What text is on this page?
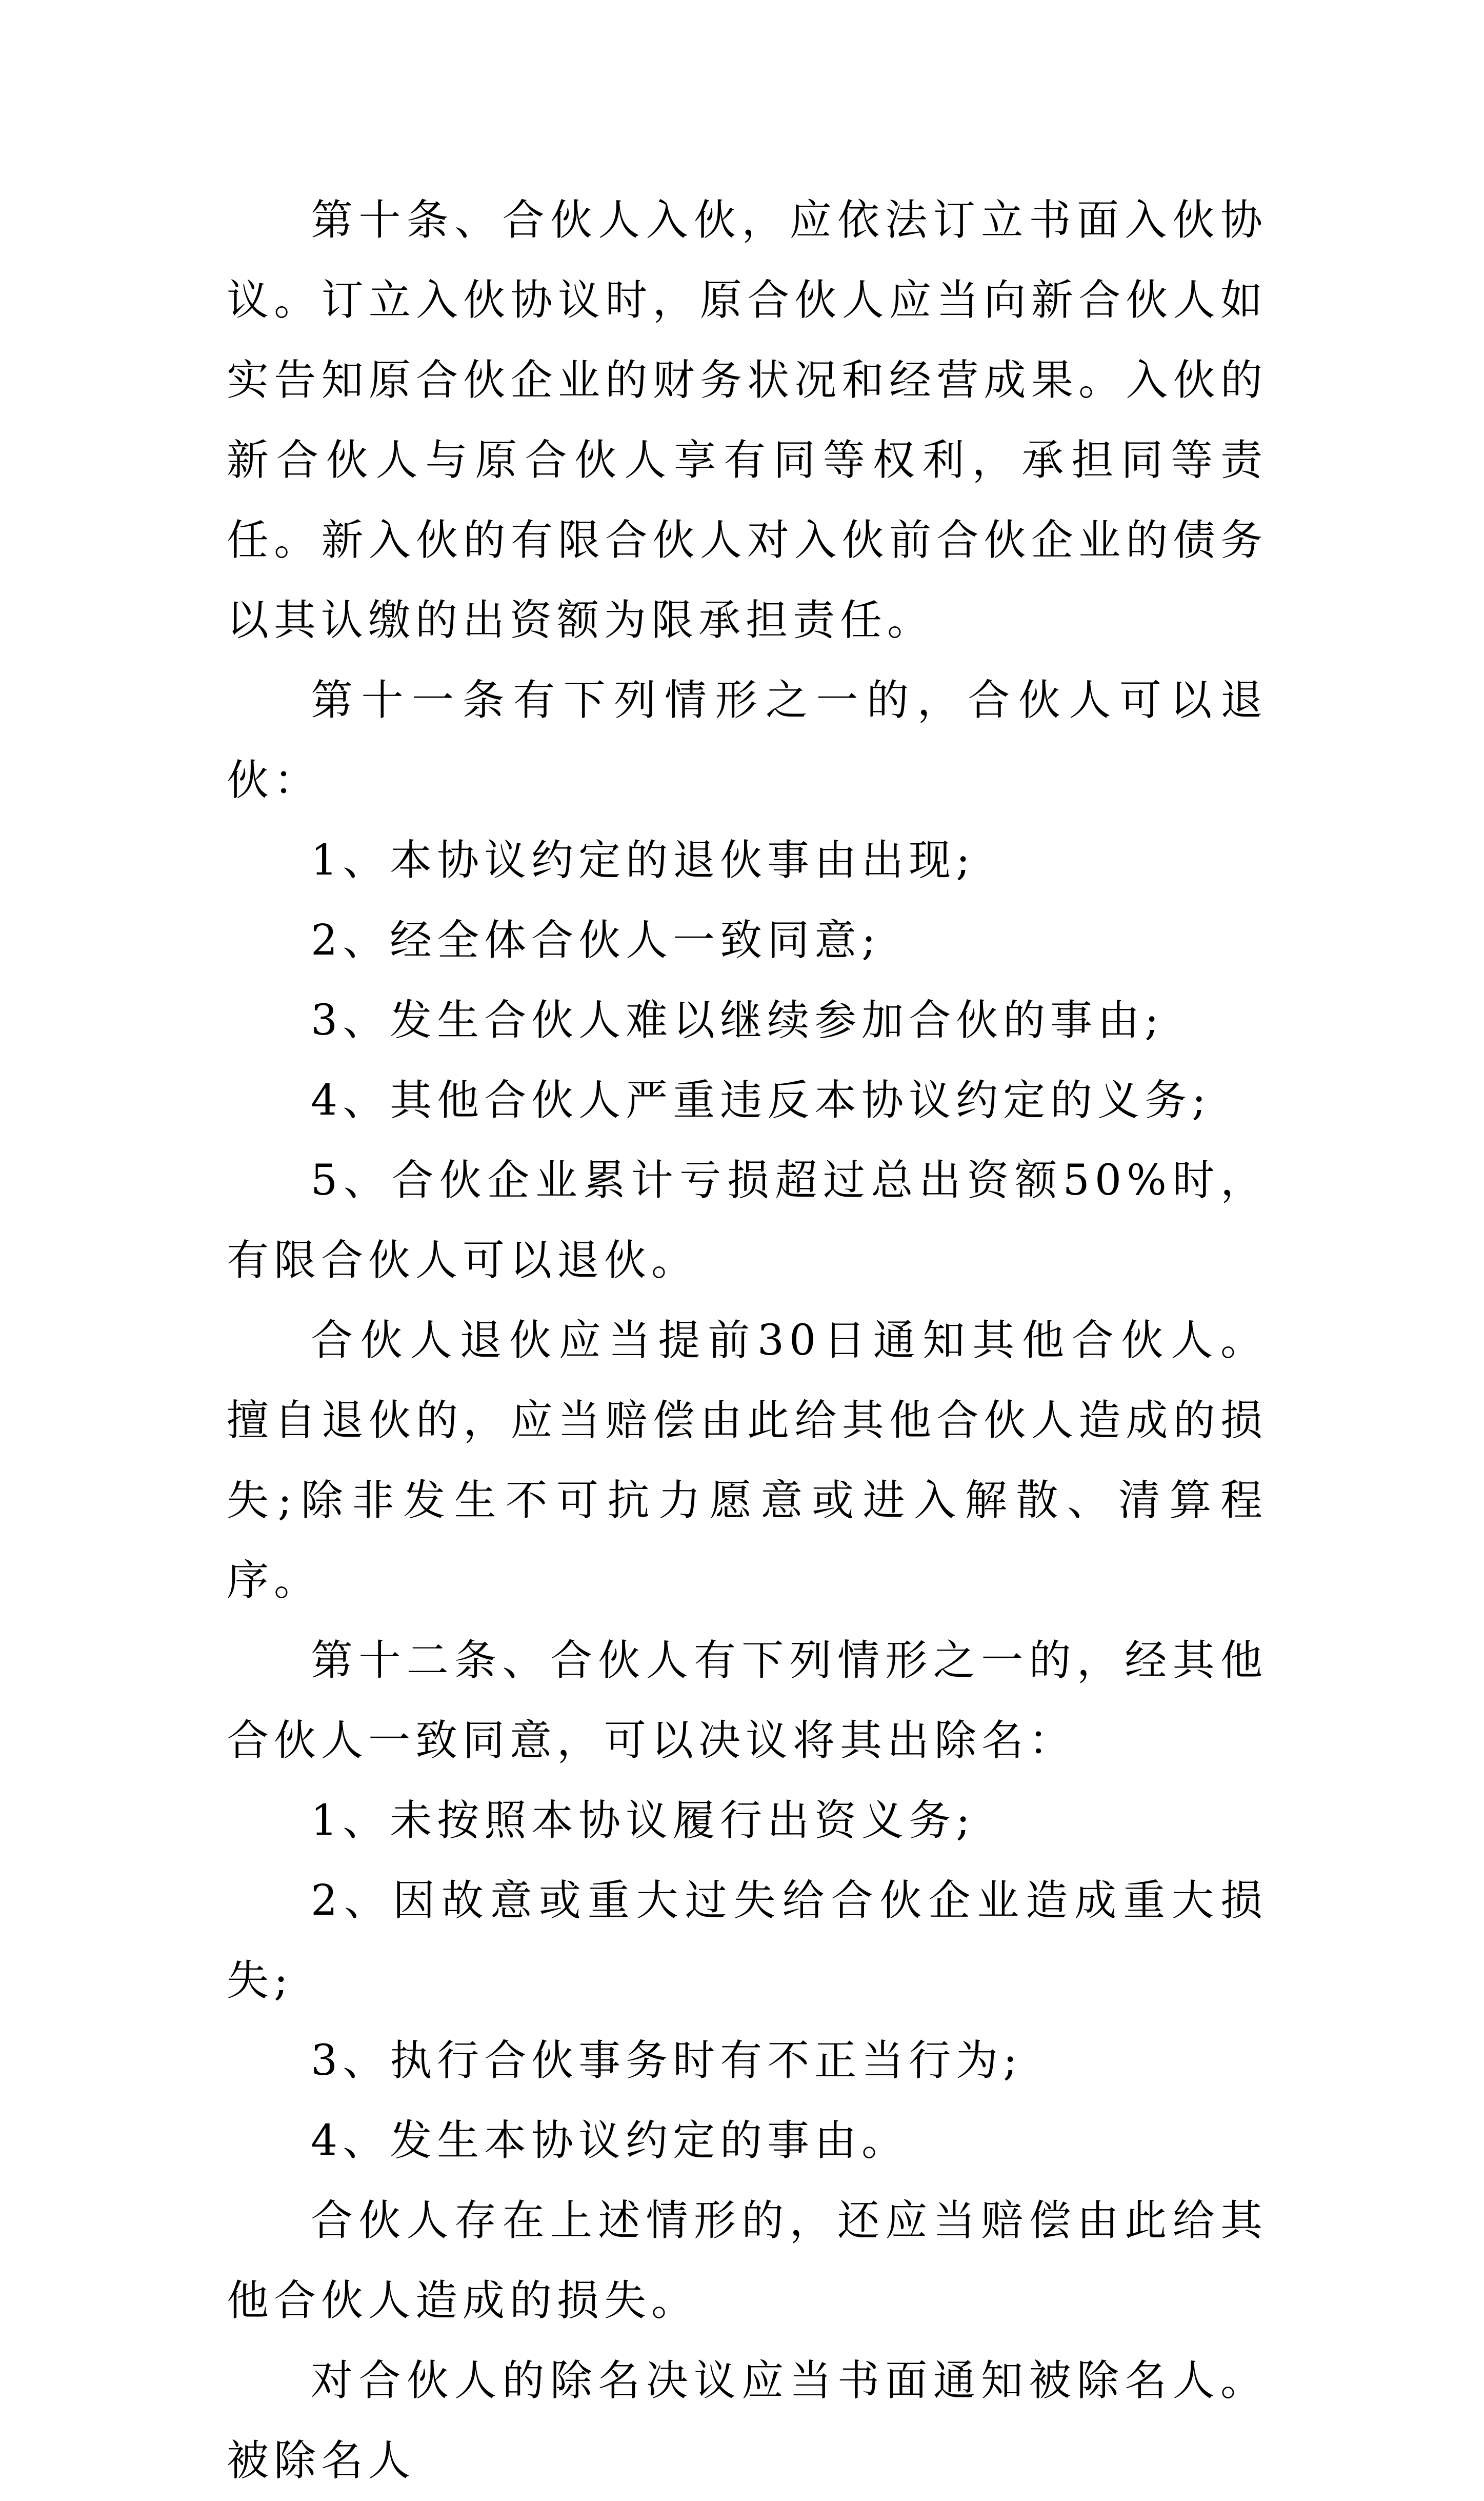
第十条、合伙人入伙，应依法订立书面入伙协议。订立入伙协议时，原合伙人应当向新合伙人如实告知原合伙企业的财务状况和经营成果。入伙的新合伙人与原合伙人享有同等权利，承担同等责任。新入伙的有限合伙人对入伙前合伙企业的债务以其认缴的出资额为限承担责任。

第十一条有下列情形之一的，合伙人可以退伙：

1、本协议约定的退伙事由出现;

2、经全体合伙人一致同意;

3、发生合伙人难以继续参加合伙的事由;

4、其他合伙人严重违反本协议约定的义务;

5、合伙企业累计亏损超过总出资额50%时，有限合伙人可以退伙。

合伙人退伙应当提前30日通知其他合伙人。擅自退伙的，应当赔偿由此给其他合伙人造成的损失;除非发生不可抗力愿意或进入解散、清算程序。

第十二条、合伙人有下列情形之一的，经其他合伙人一致同意，可以决议将其出除名：

1、未按照本协议履行出资义务;

2、因故意或重大过失给合伙企业造成重大损失;

3、执行合伙事务时有不正当行为;

4、发生本协议约定的事由。

合伙人存在上述情形的，还应当赔偿由此给其他合伙人造成的损失。

对合伙人的除名决议应当书面通知被除名人。被除名人
